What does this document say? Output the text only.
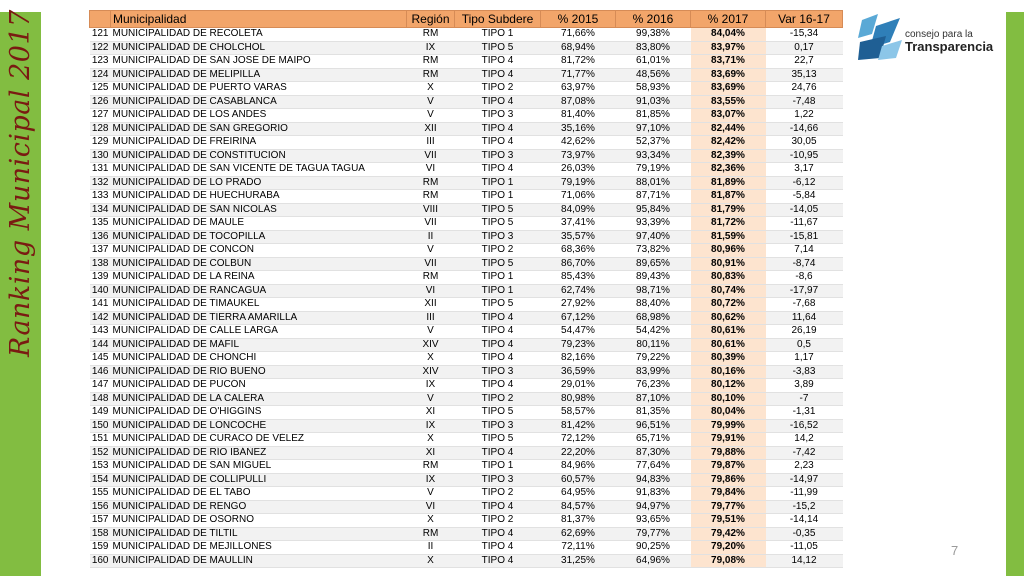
Ranking Municipal 2017	consejo para la
Transparencia
	Municipalidad	Región	Tipo Subdere	% 2015	% 2016	% 2017	Var 16-17
121	MUNICIPALIDAD DE RECOLETA	RM	TIPO 1	71,66%	99,38%	84,04%	-15,34
122	MUNICIPALIDAD DE CHOLCHOL	IX	TIPO 5	68,94%	83,80%	83,97%	0,17
123	MUNICIPALIDAD DE SAN JOSÉ DE MAIPO	RM	TIPO 4	81,72%	61,01%	83,71%	22,7
124	MUNICIPALIDAD DE MELIPILLA	RM	TIPO 4	71,77%	48,56%	83,69%	35,13
125	MUNICIPALIDAD DE PUERTO VARAS	X	TIPO 2	63,97%	58,93%	83,69%	24,76
126	MUNICIPALIDAD DE CASABLANCA	V	TIPO 4	87,08%	91,03%	83,55%	-7,48
127	MUNICIPALIDAD DE LOS ANDES	V	TIPO 3	81,40%	81,85%	83,07%	1,22
128	MUNICIPALIDAD DE SAN GREGORIO	XII	TIPO 4	35,16%	97,10%	82,44%	-14,66
129	MUNICIPALIDAD DE FREIRINA	III	TIPO 4	42,62%	52,37%	82,42%	30,05
130	MUNICIPALIDAD DE CONSTITUCIÓN	VII	TIPO 3	73,97%	93,34%	82,39%	-10,95
131	MUNICIPALIDAD DE SAN VICENTE DE TAGUA TAGUA	VI	TIPO 4	26,03%	79,19%	82,36%	3,17
132	MUNICIPALIDAD DE LO PRADO	RM	TIPO 1	79,19%	88,01%	81,89%	-6,12
133	MUNICIPALIDAD DE HUECHURABA	RM	TIPO 1	71,06%	87,71%	81,87%	-5,84
134	MUNICIPALIDAD DE SAN NICOLÁS	VIII	TIPO 5	84,09%	95,84%	81,79%	-14,05
135	MUNICIPALIDAD DE MAULE	VII	TIPO 5	37,41%	93,39%	81,72%	-11,67
136	MUNICIPALIDAD DE TOCOPILLA	II	TIPO 3	35,57%	97,40%	81,59%	-15,81
137	MUNICIPALIDAD DE CONCÓN	V	TIPO 2	68,36%	73,82%	80,96%	7,14
138	MUNICIPALIDAD DE COLBÚN	VII	TIPO 5	86,70%	89,65%	80,91%	-8,74
139	MUNICIPALIDAD DE LA REINA	RM	TIPO 1	85,43%	89,43%	80,83%	-8,6
140	MUNICIPALIDAD DE RANCAGUA	VI	TIPO 1	62,74%	98,71%	80,74%	-17,97
141	MUNICIPALIDAD DE TIMAUKEL	XII	TIPO 5	27,92%	88,40%	80,72%	-7,68
142	MUNICIPALIDAD DE TIERRA AMARILLA	III	TIPO 4	67,12%	68,98%	80,62%	11,64
143	MUNICIPALIDAD DE CALLE LARGA	V	TIPO 4	54,47%	54,42%	80,61%	26,19
144	MUNICIPALIDAD DE MÁFIL	XIV	TIPO 4	79,23%	80,11%	80,61%	0,5
145	MUNICIPALIDAD DE CHONCHI	X	TIPO 4	82,16%	79,22%	80,39%	1,17
146	MUNICIPALIDAD DE RIO BUENO	XIV	TIPO 3	36,59%	83,99%	80,16%	-3,83
147	MUNICIPALIDAD DE PUCÓN	IX	TIPO 4	29,01%	76,23%	80,12%	3,89
148	MUNICIPALIDAD DE LA CALERA	V	TIPO 2	80,98%	87,10%	80,10%	-7
149	MUNICIPALIDAD DE O'HIGGINS	XI	TIPO 5	58,57%	81,35%	80,04%	-1,31
150	MUNICIPALIDAD DE LONCOCHE	IX	TIPO 3	81,42%	96,51%	79,99%	-16,52
151	MUNICIPALIDAD DE CURACO DE VÉLEZ	X	TIPO 5	72,12%	65,71%	79,91%	14,2
152	MUNICIPALIDAD DE RÍO IBÁÑEZ	XI	TIPO 4	22,20%	87,30%	79,88%	-7,42
153	MUNICIPALIDAD DE SAN MIGUEL	RM	TIPO 1	84,96%	77,64%	79,87%	2,23
154	MUNICIPALIDAD DE COLLIPULLI	IX	TIPO 3	60,57%	94,83%	79,86%	-14,97
155	MUNICIPALIDAD DE EL TABO	V	TIPO 2	64,95%	91,83%	79,84%	-11,99
156	MUNICIPALIDAD DE RENGO	VI	TIPO 4	84,57%	94,97%	79,77%	-15,2
157	MUNICIPALIDAD DE OSORNO	X	TIPO 2	81,37%	93,65%	79,51%	-14,14
158	MUNICIPALIDAD DE TILTIL	RM	TIPO 4	62,69%	79,77%	79,42%	-0,35
159	MUNICIPALIDAD DE MEJILLONES	II	TIPO 4	72,11%	90,25%	79,20%	-11,05
160	MUNICIPALIDAD DE MAULLÍN	X	TIPO 4	31,25%	64,96%	79,08%	14,12
7
